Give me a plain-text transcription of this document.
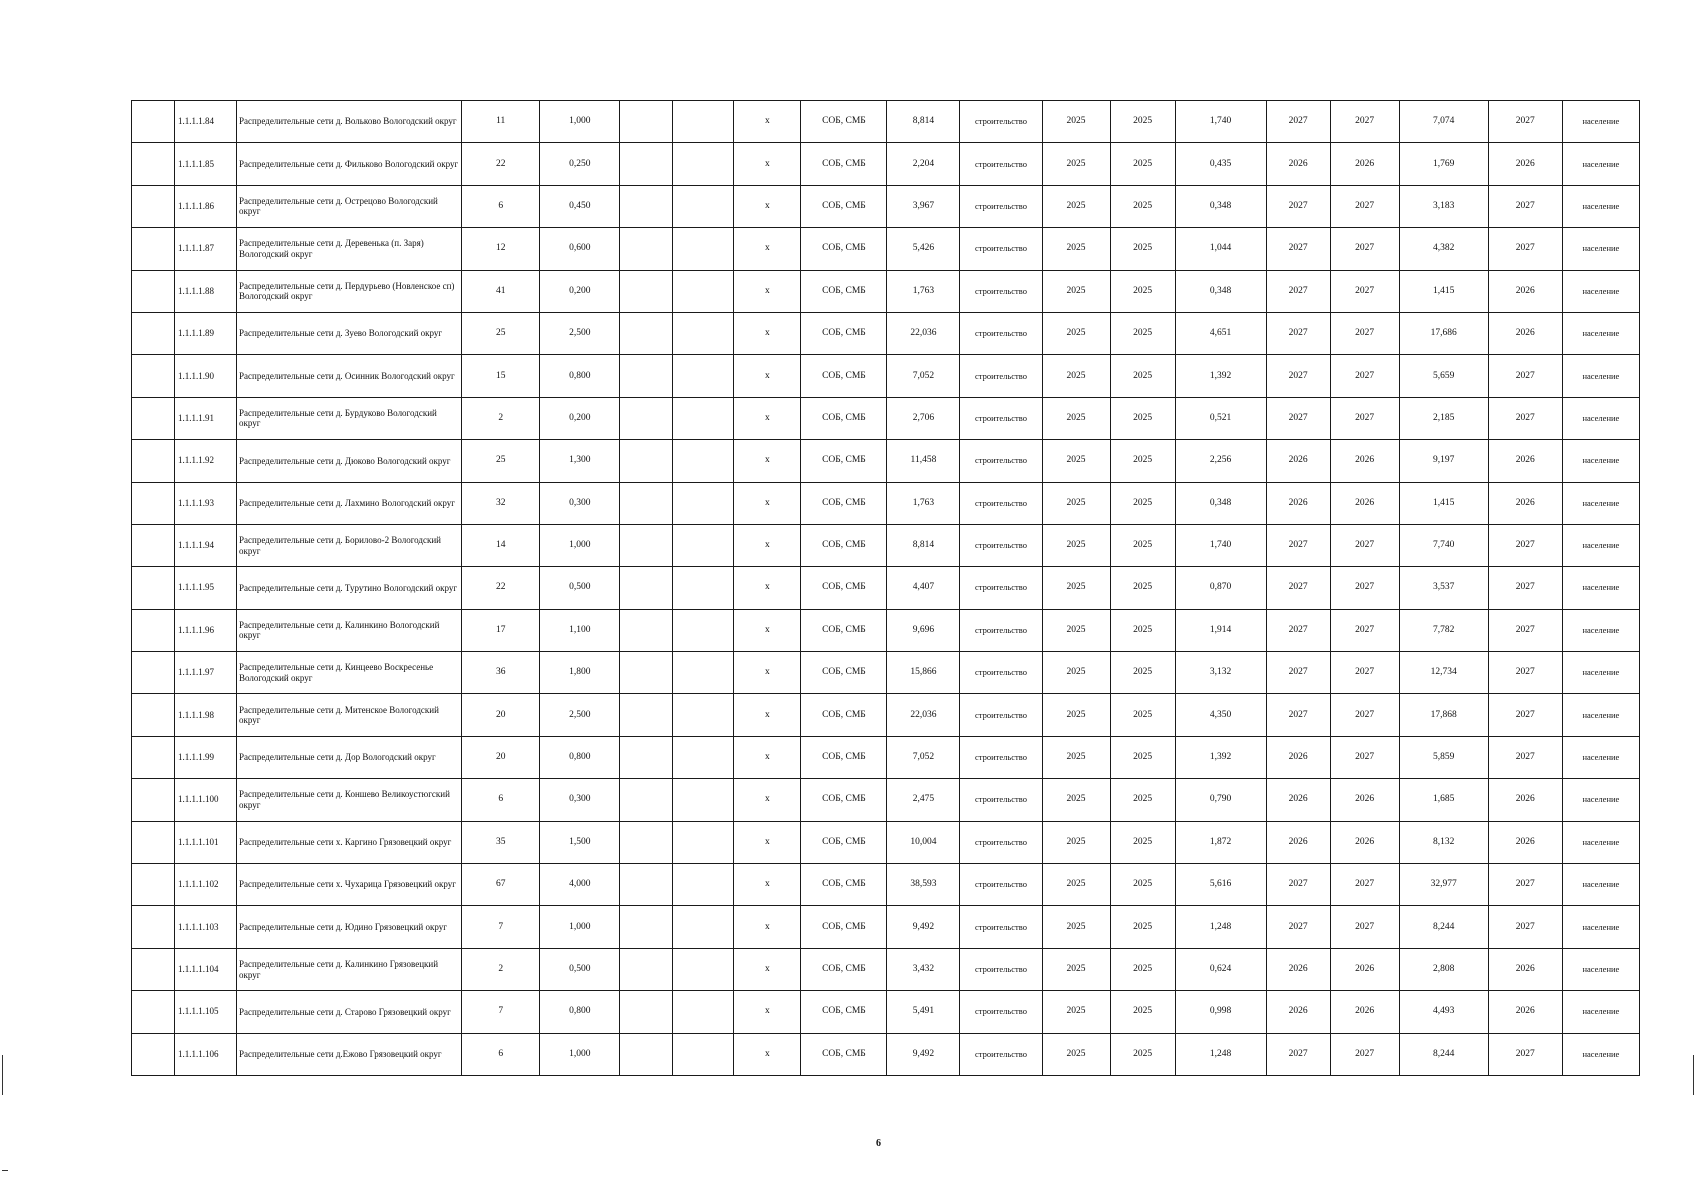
	1.1.1.1.84	Распределительные сети д. Вольково Вологодский округ	11	1,000			x	СОБ, СМБ	8,814	строительство	2025	2025	1,740	2027	2027	7,074	2027	население
	1.1.1.1.85	Распределительные сети д. Фильково Вологодский округ	22	0,250			x	СОБ, СМБ	2,204	строительство	2025	2025	0,435	2026	2026	1,769	2026	население
	1.1.1.1.86	Распределительные сети д. Острецово Вологодский округ	6	0,450			x	СОБ, СМБ	3,967	строительство	2025	2025	0,348	2027	2027	3,183	2027	население
	1.1.1.1.87	Распределительные сети д. Деревенька (п. Заря) Вологодский округ	12	0,600			x	СОБ, СМБ	5,426	строительство	2025	2025	1,044	2027	2027	4,382	2027	население
	1.1.1.1.88	Распределительные сети д. Пердурьево (Новленское сп) Вологодский округ	41	0,200			x	СОБ, СМБ	1,763	строительство	2025	2025	0,348	2027	2027	1,415	2026	население
	1.1.1.1.89	Распределительные сети д. Зуево Вологодский округ	25	2,500			x	СОБ, СМБ	22,036	строительство	2025	2025	4,651	2027	2027	17,686	2026	население
	1.1.1.1.90	Распределительные сети д. Осинник Вологодский округ	15	0,800			x	СОБ, СМБ	7,052	строительство	2025	2025	1,392	2027	2027	5,659	2027	население
	1.1.1.1.91	Распределительные сети д. Бурдуково Вологодский округ	2	0,200			x	СОБ, СМБ	2,706	строительство	2025	2025	0,521	2027	2027	2,185	2027	население
	1.1.1.1.92	Распределительные сети д. Дюково Вологодский округ	25	1,300			x	СОБ, СМБ	11,458	строительство	2025	2025	2,256	2026	2026	9,197	2026	население
	1.1.1.1.93	Распределительные сети д. Лахмино Вологодский округ	32	0,300			x	СОБ, СМБ	1,763	строительство	2025	2025	0,348	2026	2026	1,415	2026	население
	1.1.1.1.94	Распределительные сети д. Борилово-2 Вологодский округ	14	1,000			x	СОБ, СМБ	8,814	строительство	2025	2025	1,740	2027	2027	7,740	2027	население
	1.1.1.1.95	Распределительные сети д. Турутино Вологодский округ	22	0,500			x	СОБ, СМБ	4,407	строительство	2025	2025	0,870	2027	2027	3,537	2027	население
	1.1.1.1.96	Распределительные сети д. Калинкино Вологодский округ	17	1,100			x	СОБ, СМБ	9,696	строительство	2025	2025	1,914	2027	2027	7,782	2027	население
	1.1.1.1.97	Распределительные сети д. Кинцеево Воскресенье Вологодский округ	36	1,800			x	СОБ, СМБ	15,866	строительство	2025	2025	3,132	2027	2027	12,734	2027	население
	1.1.1.1.98	Распределительные сети д. Митенское Вологодский округ	20	2,500			x	СОБ, СМБ	22,036	строительство	2025	2025	4,350	2027	2027	17,868	2027	население
	1.1.1.1.99	Распределительные сети д. Дор Вологодский округ	20	0,800			x	СОБ, СМБ	7,052	строительство	2025	2025	1,392	2026	2027	5,859	2027	население
	1.1.1.1.100	Распределительные сети д. Коншево Великоустюгский округ	6	0,300			x	СОБ, СМБ	2,475	строительство	2025	2025	0,790	2026	2026	1,685	2026	население
	1.1.1.1.101	Распределительные сети х. Каргино Грязовецкий округ	35	1,500			x	СОБ, СМБ	10,004	строительство	2025	2025	1,872	2026	2026	8,132	2026	население
	1.1.1.1.102	Распределительные сети х. Чухарица Грязовецкий округ	67	4,000			x	СОБ, СМБ	38,593	строительство	2025	2025	5,616	2027	2027	32,977	2027	население
	1.1.1.1.103	Распределительные сети д. Юдино Грязовецкий округ	7	1,000			x	СОБ, СМБ	9,492	строительство	2025	2025	1,248	2027	2027	8,244	2027	население
	1.1.1.1.104	Распределительные сети д. Калинкино Грязовецкий округ	2	0,500			x	СОБ, СМБ	3,432	строительство	2025	2025	0,624	2026	2026	2,808	2026	население
	1.1.1.1.105	Распределительные сети д. Старово Грязовецкий округ	7	0,800			x	СОБ, СМБ	5,491	строительство	2025	2025	0,998	2026	2026	4,493	2026	население
	1.1.1.1.106	Распределительные сети д.Ежово Грязовецкий округ	6	1,000			x	СОБ, СМБ	9,492	строительство	2025	2025	1,248	2027	2027	8,244	2027	население
6
